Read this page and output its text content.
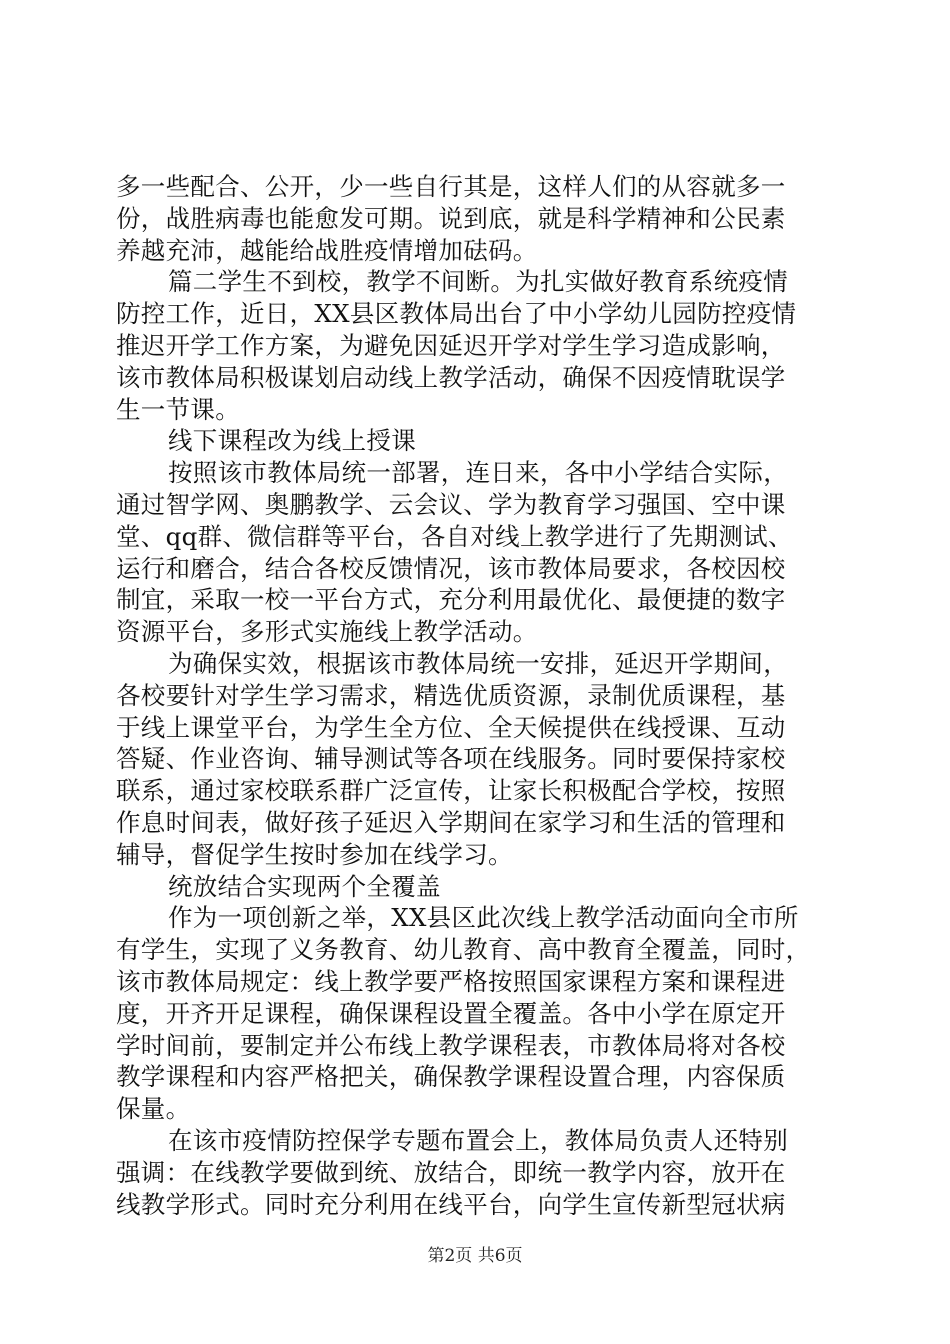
多一些配合、公开，少一些自行其是，这样人们的从容就多一
份，战胜病毒也能愈发可期。说到底，就是科学精神和公民素
养越充沛，越能给战胜疫情增加砝码。
篇二学生不到校，教学不间断。为扎实做好教育系统疫情
防控工作，近日，XX县区教体局出台了中小学幼儿园防控疫情
推迟开学工作方案，为避免因延迟开学对学生学习造成影响，
该市教体局积极谋划启动线上教学活动，确保不因疫情耽误学
生一节课。
线下课程改为线上授课
按照该市教体局统一部署，连日来，各中小学结合实际，
通过智学网、奥鹏教学、云会议、学为教育学习强国、空中课
堂、qq群、微信群等平台，各自对线上教学进行了先期测试、
运行和磨合，结合各校反馈情况，该市教体局要求，各校因校
制宜，采取一校一平台方式，充分利用最优化、最便捷的数字
资源平台，多形式实施线上教学活动。
为确保实效，根据该市教体局统一安排，延迟开学期间，
各校要针对学生学习需求，精选优质资源，录制优质课程，基
于线上课堂平台，为学生全方位、全天候提供在线授课、互动
答疑、作业咨询、辅导测试等各项在线服务。同时要保持家校
联系，通过家校联系群广泛宣传，让家长积极配合学校，按照
作息时间表，做好孩子延迟入学期间在家学习和生活的管理和
辅导，督促学生按时参加在线学习。
统放结合实现两个全覆盖
作为一项创新之举，XX县区此次线上教学活动面向全市所
有学生，实现了义务教育、幼儿教育、高中教育全覆盖，同时，
该市教体局规定：线上教学要严格按照国家课程方案和课程进
度，开齐开足课程，确保课程设置全覆盖。各中小学在原定开
学时间前，要制定并公布线上教学课程表，市教体局将对各校
教学课程和内容严格把关，确保教学课程设置合理，内容保质
保量。
在该市疫情防控保学专题布置会上，教体局负责人还特别
强调：在线教学要做到统、放结合，即统一教学内容，放开在
线教学形式。同时充分利用在线平台，向学生宣传新型冠状病
第2页 共6页
